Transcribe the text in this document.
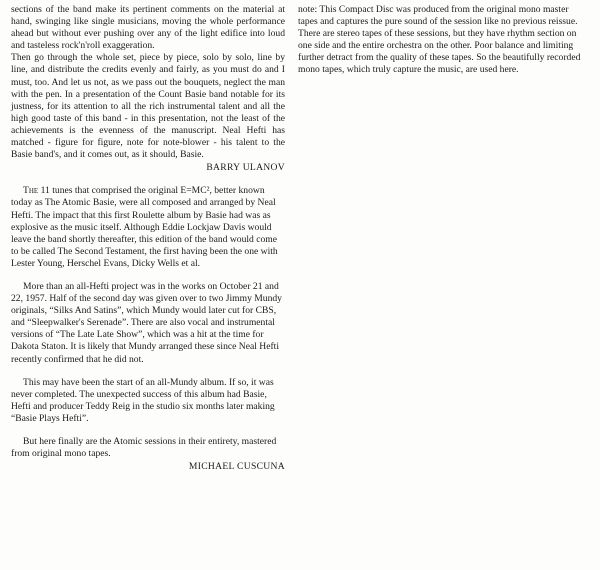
sections of the band make its pertinent comments on the material at hand, swinging like single musicians, moving the whole performance ahead but without ever pushing over any of the light edifice into loud and tasteless rock'n'roll exaggeration.

Then go through the whole set, piece by piece, solo by solo, line by line, and distribute the credits evenly and fairly, as you must do and I must, too. And let us not, as we pass out the bouquets, neglect the man with the pen. In a presentation of the Count Basie band notable for its justness, for its attention to all the rich instrumental talent and all the high good taste of this band - in this presentation, not the least of the achievements is the evenness of the manuscript. Neal Hefti has matched - figure for figure, note for note-blower - his talent to the Basie band's, and it comes out, as it should, Basie.

BARRY ULANOV

The 11 tunes that comprised the original E=MC², better known today as The Atomic Basie, were all composed and arranged by Neal Hefti. The impact that this first Roulette album by Basie had was as explosive as the music itself. Although Eddie Lockjaw Davis would leave the band shortly thereafter, this edition of the band would come to be called The Second Testament, the first having been the one with Lester Young, Herschel Evans, Dicky Wells et al.

More than an all-Hefti project was in the works on October 21 and 22, 1957. Half of the second day was given over to two Jimmy Mundy originals, “Silks And Satins”, which Mundy would later cut for CBS, and “Sleepwalker's Serenade”. There are also vocal and instrumental versions of “The Late Late Show”, which was a hit at the time for Dakota Staton. It is likely that Mundy arranged these since Neal Hefti recently confirmed that he did not.

This may have been the start of an all-Mundy album. If so, it was never completed. The unexpected success of this album had Basie, Hefti and producer Teddy Reig in the studio six months later making “Basie Plays Hefti”.

But here finally are the Atomic sessions in their entirety, mastered from original mono tapes.

MICHAEL CUSCUNA

note: This Compact Disc was produced from the original mono master tapes and captures the pure sound of the session like no previous reissue. There are stereo tapes of these sessions, but they have rhythm section on one side and the entire orchestra on the other. Poor balance and limiting further detract from the quality of these tapes. So the beautifully recorded mono tapes, which truly capture the music, are used here.
